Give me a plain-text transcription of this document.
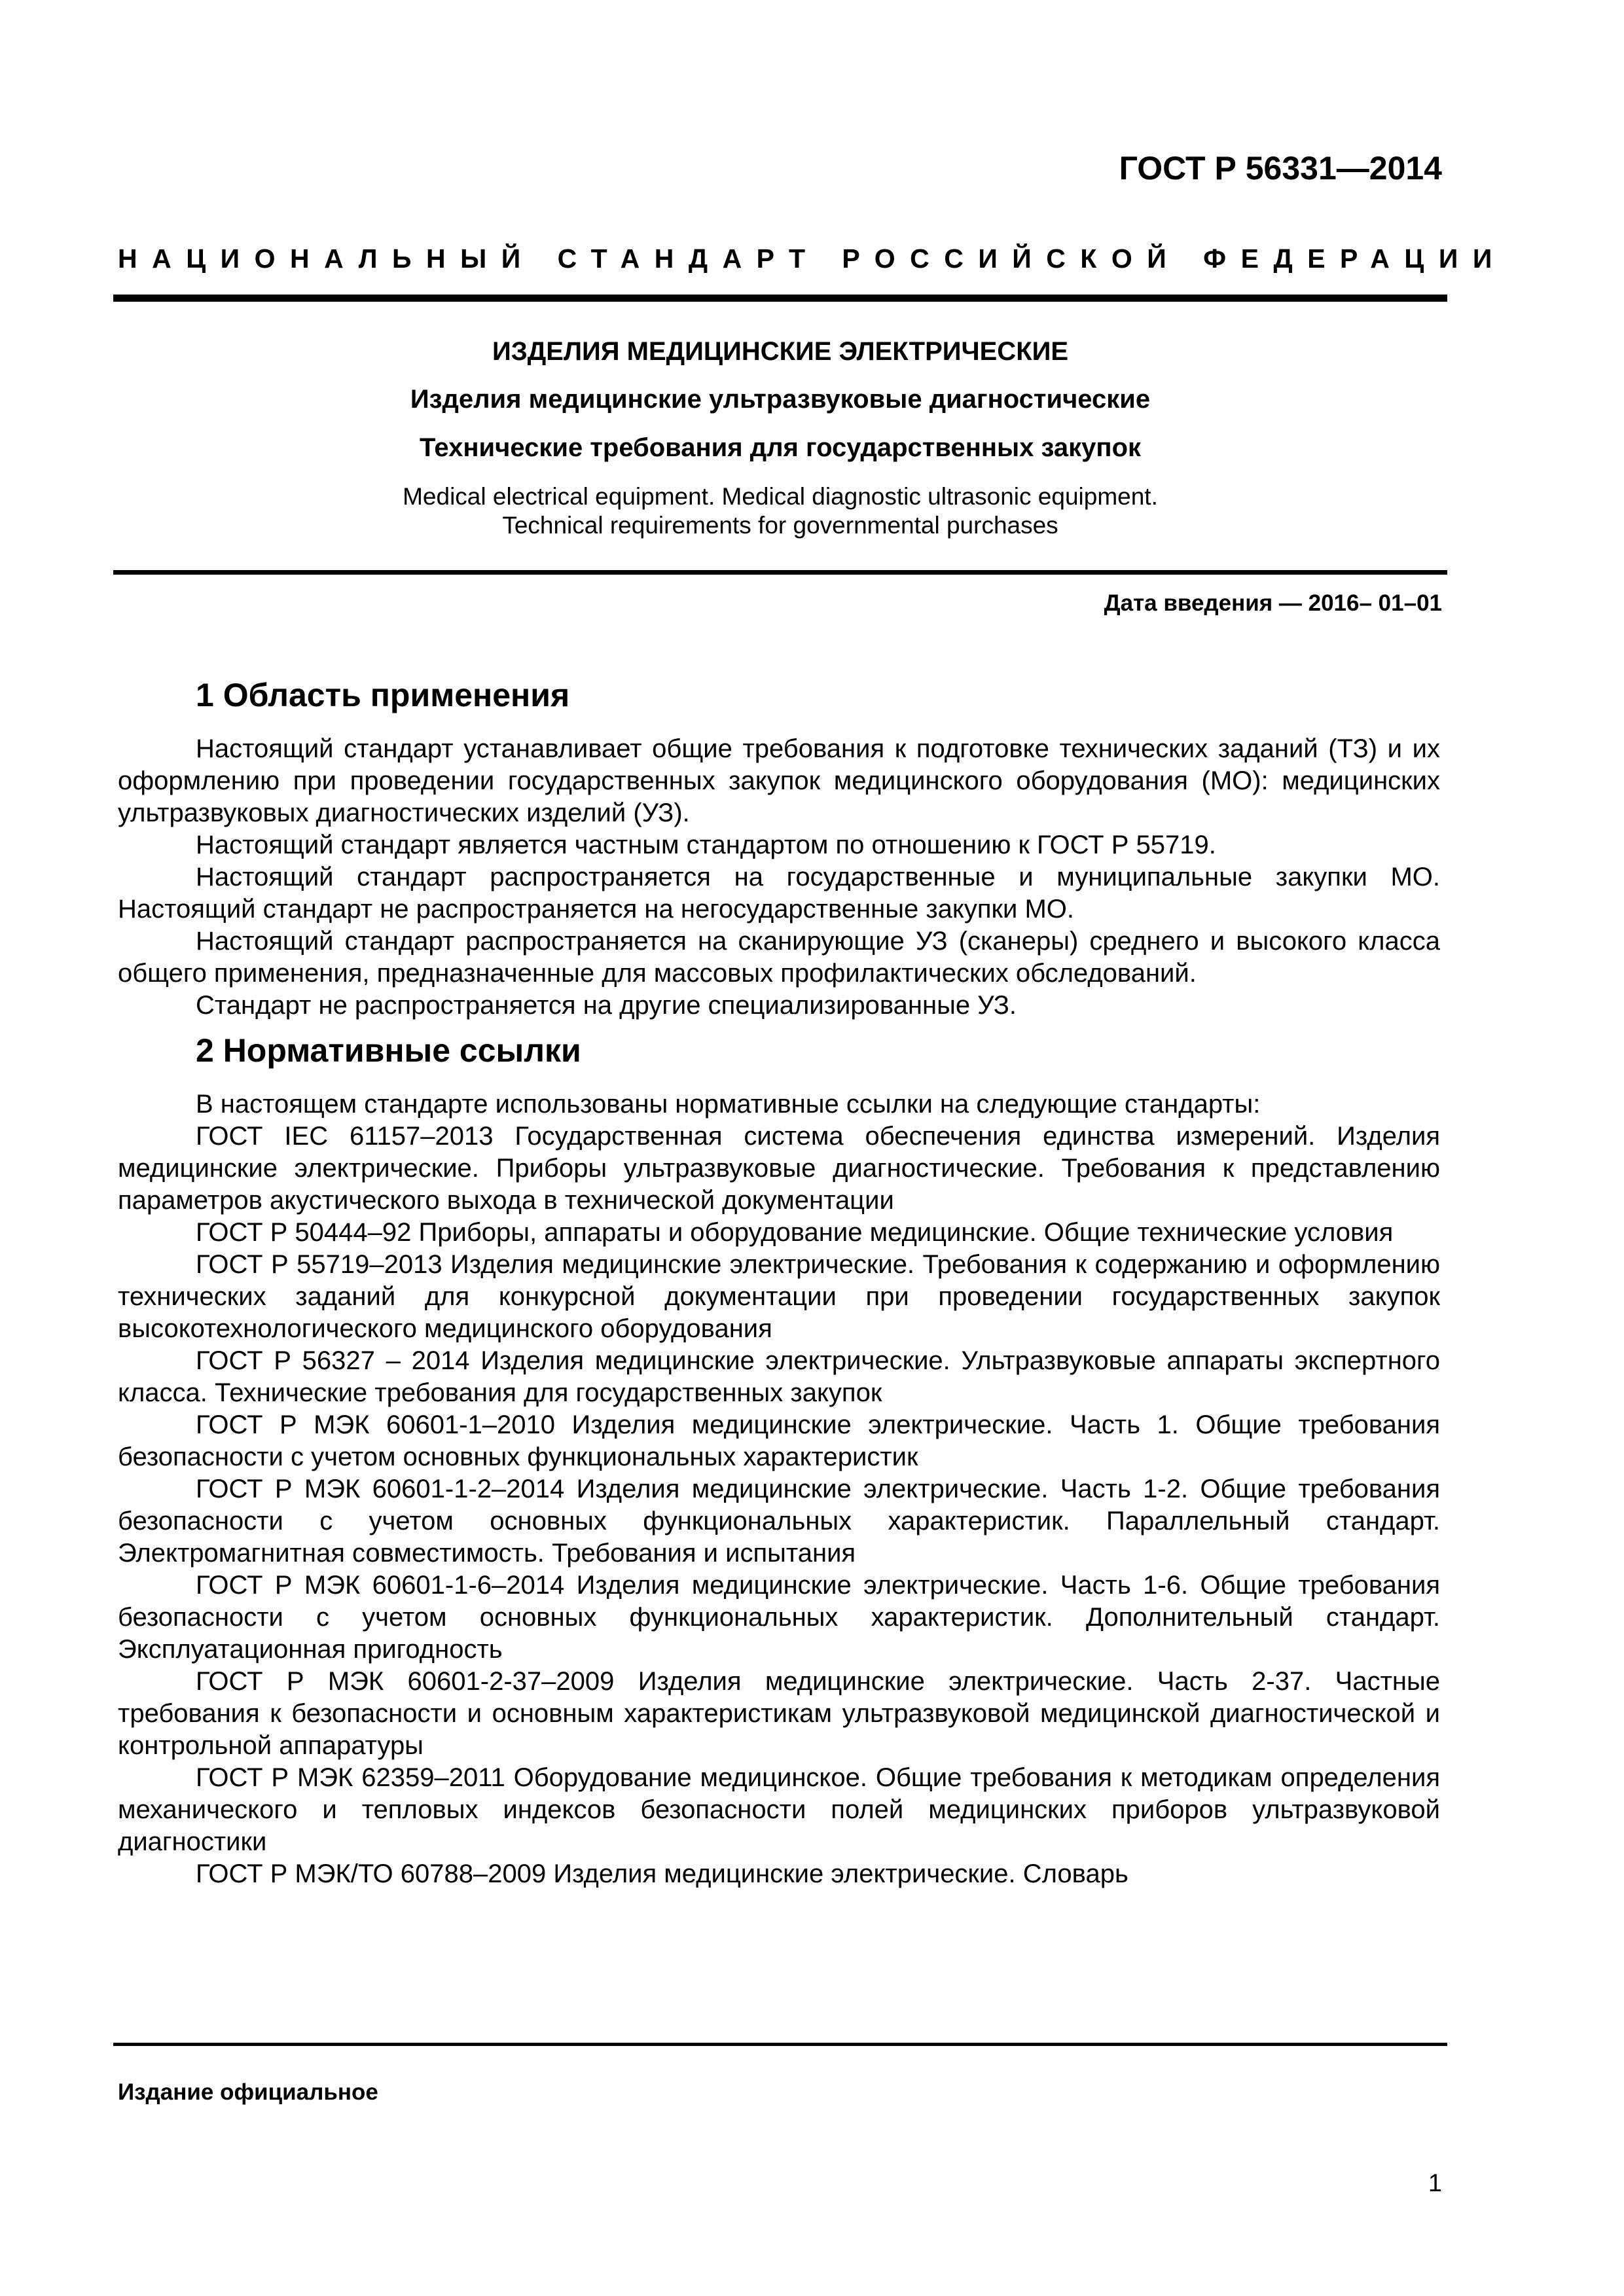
ГОСТ Р 56331—2014
НАЦИОНАЛЬНЫЙ СТАНДАРТ РОССИЙСКОЙ ФЕДЕРАЦИИ
ИЗДЕЛИЯ МЕДИЦИНСКИЕ ЭЛЕКТРИЧЕСКИЕ
Изделия медицинские ультразвуковые диагностические
Технические требования для государственных закупок
Medical electrical equipment. Medical diagnostic ultrasonic equipment.
Technical requirements for governmental purchases
Дата введения — 2016– 01–01
1 Область применения

Настоящий стандарт устанавливает общие требования к подготовке технических заданий (ТЗ) и их оформлению при проведении государственных закупок медицинского оборудования (МО): медицинских ультразвуковых диагностических изделий (УЗ).

Настоящий стандарт является частным стандартом по отношению к ГОСТ Р 55719.

Настоящий стандарт распространяется на государственные и муниципальные закупки МО. Настоящий стандарт не распространяется на негосударственные закупки МО.

Настоящий стандарт распространяется на сканирующие УЗ (сканеры) среднего и высокого класса общего применения, предназначенные для массовых профилактических обследований.

Стандарт не распространяется на другие специализированные УЗ.

2 Нормативные ссылки

В настоящем стандарте использованы нормативные ссылки на следующие стандарты:

ГОСТ IEC 61157–2013 Государственная система обеспечения единства измерений. Изделия медицинские электрические. Приборы ультразвуковые диагностические. Требования к представлению параметров акустического выхода в технической документации

ГОСТ Р 50444–92 Приборы, аппараты и оборудование медицинские. Общие технические условия

ГОСТ Р 55719–2013 Изделия медицинские электрические. Требования к содержанию и оформлению технических заданий для конкурсной документации при проведении государственных закупок высокотехнологического медицинского оборудования

ГОСТ Р 56327 – 2014 Изделия медицинские электрические. Ультразвуковые аппараты экспертного класса. Технические требования для государственных закупок

ГОСТ Р МЭК 60601-1–2010 Изделия медицинские электрические. Часть 1. Общие требования безопасности с учетом основных функциональных характеристик

ГОСТ Р МЭК 60601-1-2–2014 Изделия медицинские электрические. Часть 1-2. Общие требования безопасности с учетом основных функциональных характеристик. Параллельный стандарт. Электромагнитная совместимость. Требования и испытания

ГОСТ Р МЭК 60601-1-6–2014 Изделия медицинские электрические. Часть 1-6. Общие требования безопасности с учетом основных функциональных характеристик. Дополнительный стандарт. Эксплуатационная пригодность

ГОСТ Р МЭК 60601-2-37–2009 Изделия медицинские электрические. Часть 2-37. Частные требования к безопасности и основным характеристикам ультразвуковой медицинской диагностической и контрольной аппаратуры

ГОСТ Р МЭК 62359–2011 Оборудование медицинское. Общие требования к методикам определения механического и тепловых индексов безопасности полей медицинских приборов ультразвуковой диагностики

ГОСТ Р МЭК/ТО 60788–2009 Изделия медицинские электрические. Словарь

Издание официальное
1
